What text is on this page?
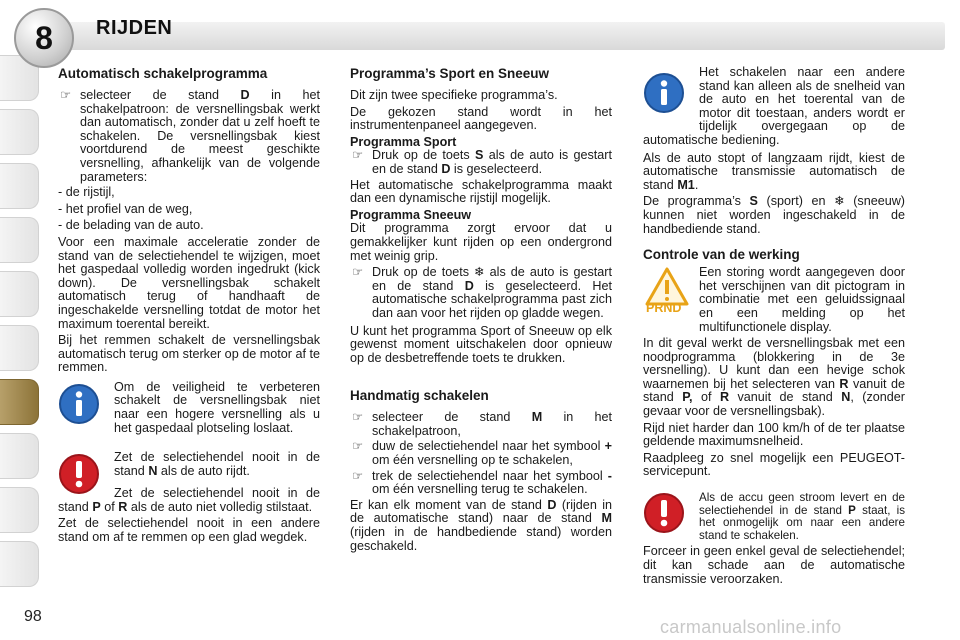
8 RIJDEN
Automatisch schakelprogramma
☞ selecteer de stand D in het schakelpatroon: de versnellingsbak werkt dan automatisch, zonder dat u zelf hoeft te schakelen. De versnellingsbak kiest voortdurend de meest geschikte versnelling, afhankelijk van de volgende parameters:

- de rijstijl,

- het profiel van de weg,

- de belading van de auto.

Voor een maximale acceleratie zonder de stand van de selectiehendel te wijzigen, moet het gaspedaal volledig worden ingedrukt (kick down). De versnellingsbak schakelt automatisch terug of handhaaft de ingeschakelde versnelling totdat de motor het maximum toerental bereikt.

Bij het remmen schakelt de versnellingsbak automatisch terug om sterker op de motor af te remmen.

Om de veiligheid te verbeteren schakelt de versnellingsbak niet naar een hogere versnelling als u het gaspedaal plotseling loslaat.

Zet de selectiehendel nooit in de stand N als de auto rijdt.

Zet de selectiehendel nooit in de stand P of R als de auto niet volledig stilstaat.

Zet de selectiehendel nooit in een andere stand om af te remmen op een glad wegdek.

Programma’s Sport en Sneeuw

Dit zijn twee specifieke programma’s.

De gekozen stand wordt in het instrumentenpaneel aangegeven.

Programma Sport
☞ Druk op de toets S als de auto is gestart en de stand D is geselecteerd.

Het automatische schakelprogramma maakt dan een dynamische rijstijl mogelijk.

Programma Sneeuw

Dit programma zorgt ervoor dat u gemakkelijker kunt rijden op een ondergrond met weinig grip.

☞ Druk op de toets ❄ als de auto is gestart en de stand D is geselecteerd. Het automatische schakelprogramma past zich dan aan voor het rijden op gladde wegen.

U kunt het programma Sport of Sneeuw op elk gewenst moment uitschakelen door opnieuw op de desbetreffende toets te drukken.

Handmatig schakelen
☞ selecteer de stand M in het schakelpatroon,
☞ duw de selectiehendel naar het symbool + om één versnelling op te schakelen,
☞ trek de selectiehendel naar het symbool - om één versnelling terug te schakelen.

Er kan elk moment van de stand D (rijden in de automatische stand) naar de stand M (rijden in de handbediende stand) worden geschakeld.

Het schakelen naar een andere stand kan alleen als de snelheid van de auto en het toerental van de motor dit toestaan, anders wordt er tijdelijk overgegaan op de automatische bediening.

Als de auto stopt of langzaam rijdt, kiest de automatische transmissie automatisch de stand M1.

De programma’s S (sport) en ❄ (sneeuw) kunnen niet worden ingeschakeld in de handbediende stand.

Controle van de werking

PRND
Een storing wordt aangegeven door het verschijnen van dit pictogram in combinatie met een geluidssignaal en een melding op het multifunctionele display.

In dit geval werkt de versnellingsbak met een noodprogramma (blokkering in de 3e versnelling). U kunt dan een hevige schok waarnemen bij het selecteren van R vanuit de stand P, of R vanuit de stand N, (zonder gevaar voor de versnellingsbak).

Rijd niet harder dan 100 km/h of de ter plaatse geldende maximumsnelheid.

Raadpleeg zo snel mogelijk een PEUGEOT-servicepunt.

Als de accu geen stroom levert en de selectiehendel in de stand P staat, is het onmogelijk om naar een andere stand te schakelen.

Forceer in geen enkel geval de selectiehendel; dit kan schade aan de automatische transmissie veroorzaken.

98
carmanualsonline.info
